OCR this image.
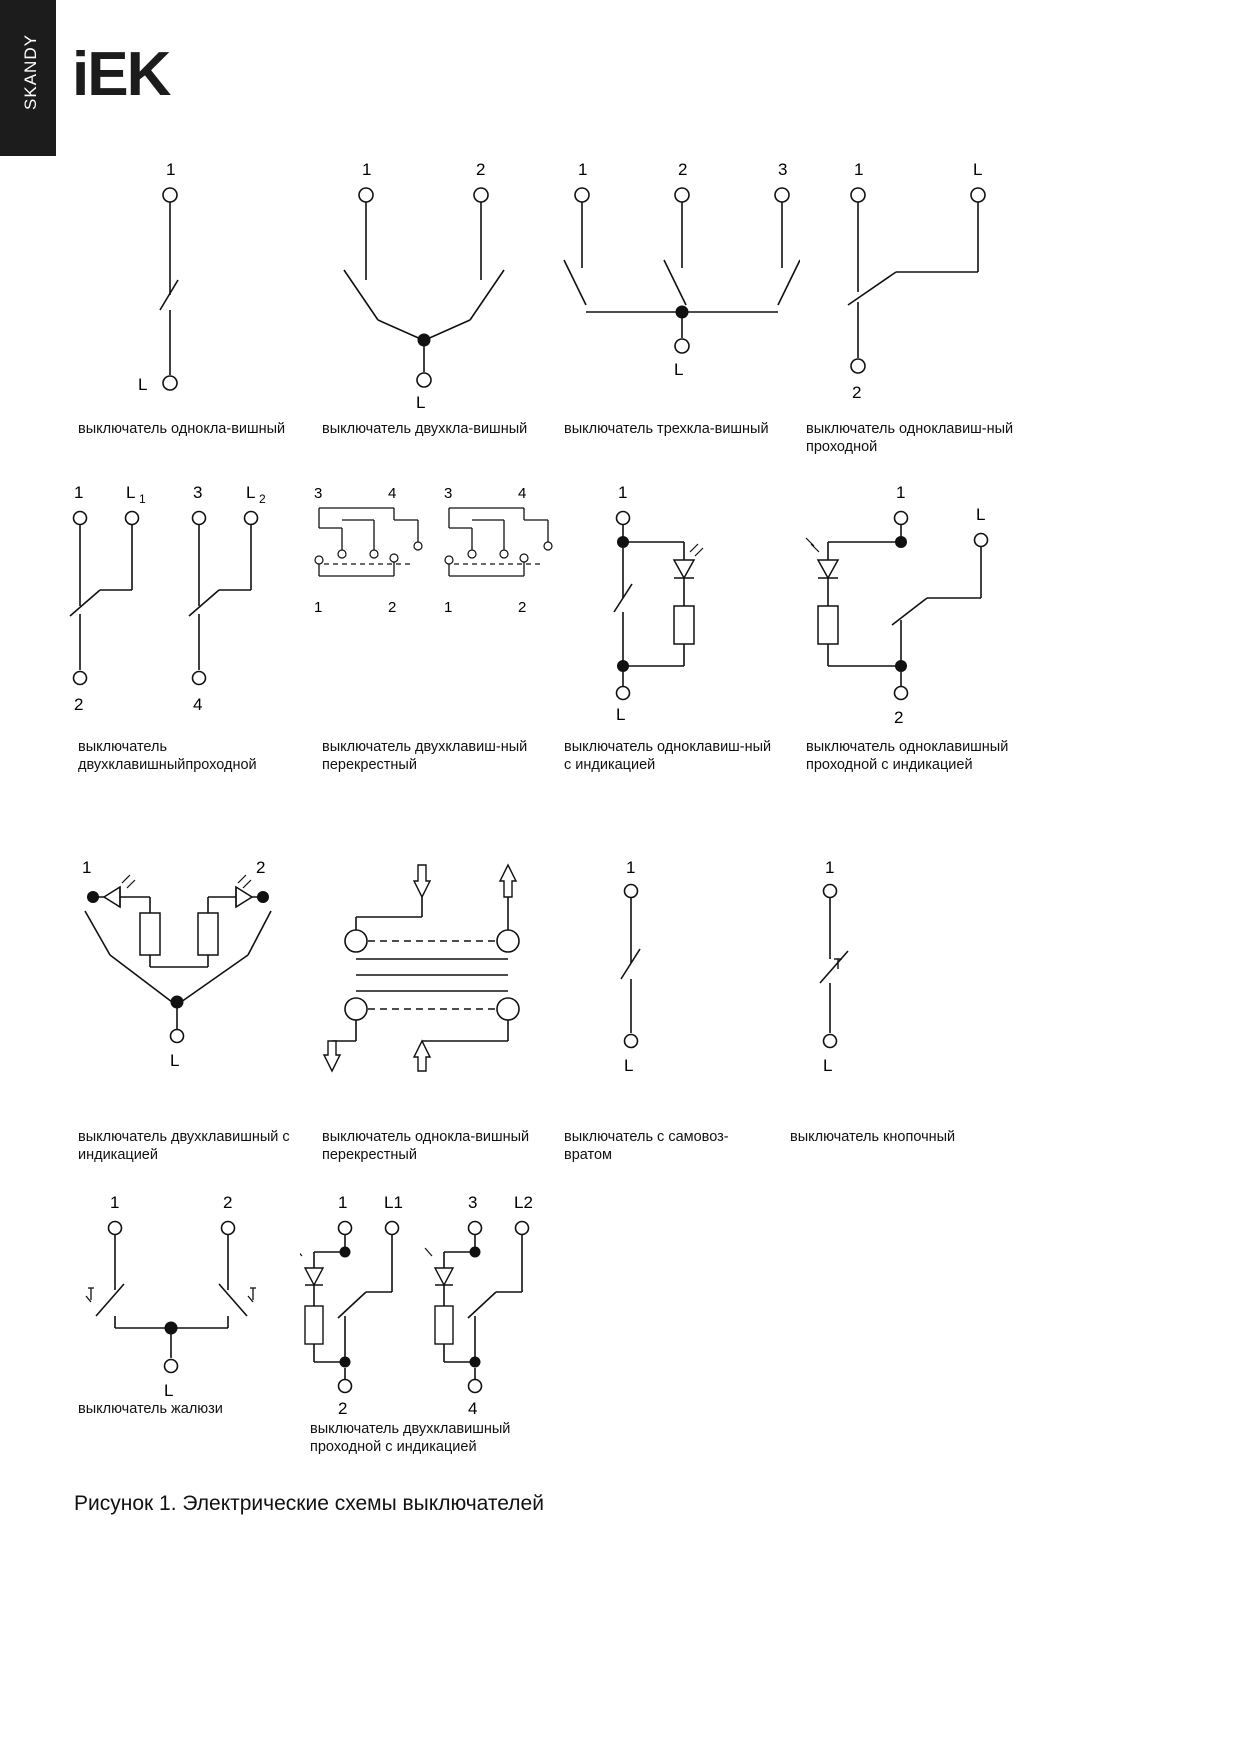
SKANDY iEK
1
L
выключатель однокла-вишный
1	2
L
выключатель двухкла-вишный
1	2	3
L
выключатель трехкла-вишный
1	L
2
выключатель одноклавиш-ный проходной
1	L 1	3	L 2
2	4
выключатель двухклавишныйпроходной
3	4
1	2
3	4
1	2
выключатель двухклавиш-ный перекрестный
1
L
выключатель одноклавиш-ный с индикацией
1
L
2
выключатель одноклавишный проходной с индикацией
1	2
L
выключатель двухклавишный с индикацией
выключатель однокла-вишный перекрестный
1
L
выключатель с самовоз-вратом
1
L
выключатель кнопочный
1	2
L
выключатель жалюзи
1 L1
2
3 L2
4
выключатель двухклавишный проходной с индикацией
Рисунок 1. Электрические схемы выключателей
